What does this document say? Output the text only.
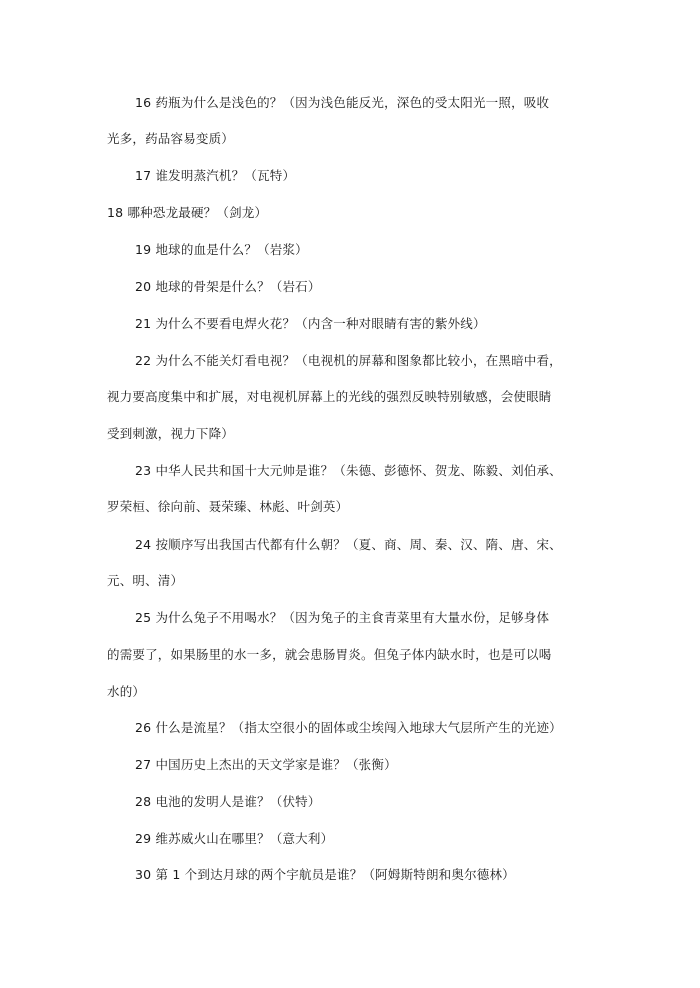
16 药瓶为什么是浅色的？（因为浅色能反光，深色的受太阳光一照，吸收
光多，药品容易变质）
17 谁发明蒸汽机？（瓦特）
18 哪种恐龙最硬？（剑龙）
19 地球的血是什么？（岩浆）
20 地球的骨架是什么？（岩石）
21 为什么不要看电焊火花？（内含一种对眼睛有害的紫外线）
22 为什么不能关灯看电视？（电视机的屏幕和图象都比较小，在黑暗中看，
视力要高度集中和扩展，对电视机屏幕上的光线的强烈反映特别敏感，会使眼睛
受到刺激，视力下降）
23 中华人民共和国十大元帅是谁？（朱德、彭德怀、贺龙、陈毅、刘伯承、
罗荣桓、徐向前、聂荣臻、林彪、叶剑英）
24 按顺序写出我国古代都有什么朝？（夏、商、周、秦、汉、隋、唐、宋、
元、明、清）
25 为什么兔子不用喝水？（因为兔子的主食青菜里有大量水份，足够身体
的需要了，如果肠里的水一多，就会患肠胃炎。但兔子体内缺水时，也是可以喝
水的）
26 什么是流星？（指太空很小的固体或尘埃闯入地球大气层所产生的光迹）
27 中国历史上杰出的天文学家是谁？（张衡）
28 电池的发明人是谁？（伏特）
29 维苏威火山在哪里？（意大利）
30 第 1 个到达月球的两个宇航员是谁？（阿姆斯特朗和奥尔德林）
